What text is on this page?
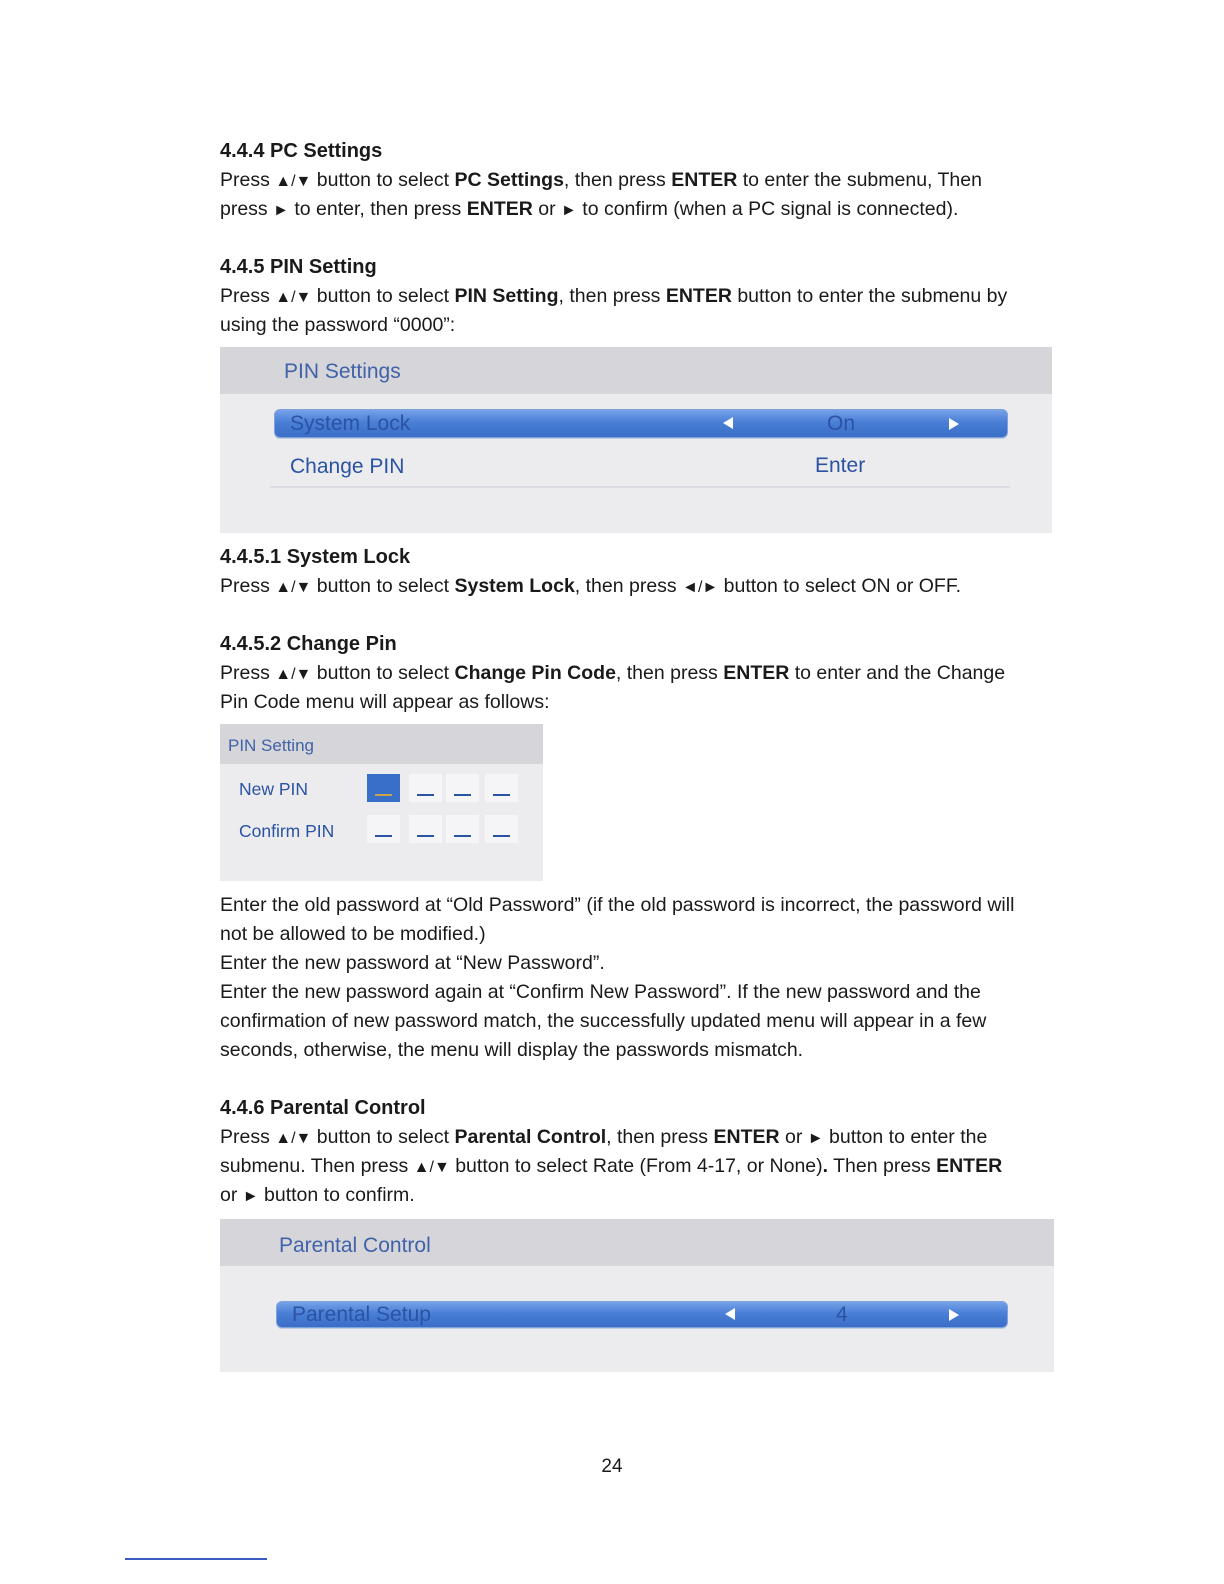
4.4.4 PC Settings
Press ▲/▼ button to select PC Settings, then press ENTER to enter the submenu, Then
press ► to enter, then press ENTER or ► to confirm (when a PC signal is connected).
4.4.5 PIN Setting
Press ▲/▼ button to select PIN Setting, then press ENTER button to enter the submenu by
using the password “0000”:
PIN Settings
System Lock	On
Change PIN	Enter
4.4.5.1 System Lock
Press ▲/▼ button to select System Lock, then press ◄/► button to select ON or OFF.
4.4.5.2 Change Pin
Press ▲/▼ button to select Change Pin Code, then press ENTER to enter and the Change
Pin Code menu will appear as follows:
PIN Setting
New PIN
Confirm PIN
Enter the old password at “Old Password” (if the old password is incorrect, the password will
not be allowed to be modified.)
Enter the new password at “New Password”.
Enter the new password again at “Confirm New Password”. If the new password and the
confirmation of new password match, the successfully updated menu will appear in a few
seconds, otherwise, the menu will display the passwords mismatch.
4.4.6 Parental Control
Press ▲/▼ button to select Parental Control, then press ENTER or ► button to enter the
submenu. Then press ▲/▼ button to select Rate (From 4-17, or None). Then press ENTER
or ► button to confirm.
Parental Control
Parental Setup	4
24
